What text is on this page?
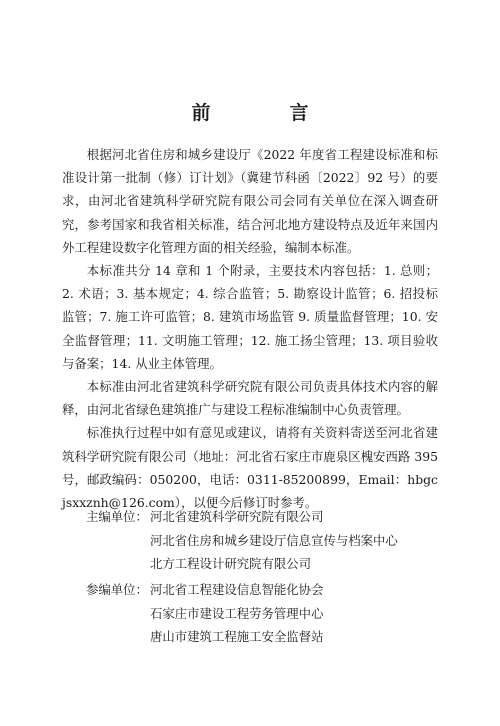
前　言

根据河北省住房和城乡建设厅《2022 年度省工程建设标准和标准设计第一批制（修）订计划》（冀建节科函〔2022〕92 号）的要求，由河北省建筑科学研究院有限公司会同有关单位在深入调查研究，参考国家和我省相关标准，结合河北地方建设特点及近年来国内外工程建设数字化管理方面的相关经验，编制本标准。

本标准共分 14 章和 1 个附录，主要技术内容包括：1. 总则；2. 术语；3. 基本规定；4. 综合监管；5. 勘察设计监管；6. 招投标监管；7. 施工许可监管；8. 建筑市场监管 9. 质量监督管理；10. 安全监督管理；11. 文明施工管理；12. 施工扬尘管理；13. 项目验收与备案；14. 从业主体管理。

本标准由河北省建筑科学研究院有限公司负责具体技术内容的解释，由河北省绿色建筑推广与建设工程标准编制中心负责管理。

标准执行过程中如有意见或建议，请将有关资料寄送至河北省建筑科学研究院有限公司（地址：河北省石家庄市鹿泉区槐安西路 395 号，邮政编码：050200，电话：0311-85200899，Email：hbgcjsxxznh@126.com），以便今后修订时参考。

主编单位： 河北省建筑科学研究院有限公司
河北省住房和城乡建设厅信息宣传与档案中心
北方工程设计研究院有限公司
参编单位： 河北省工程建设信息智能化协会
石家庄市建设工程劳务管理中心
唐山市建筑工程施工安全监督站
